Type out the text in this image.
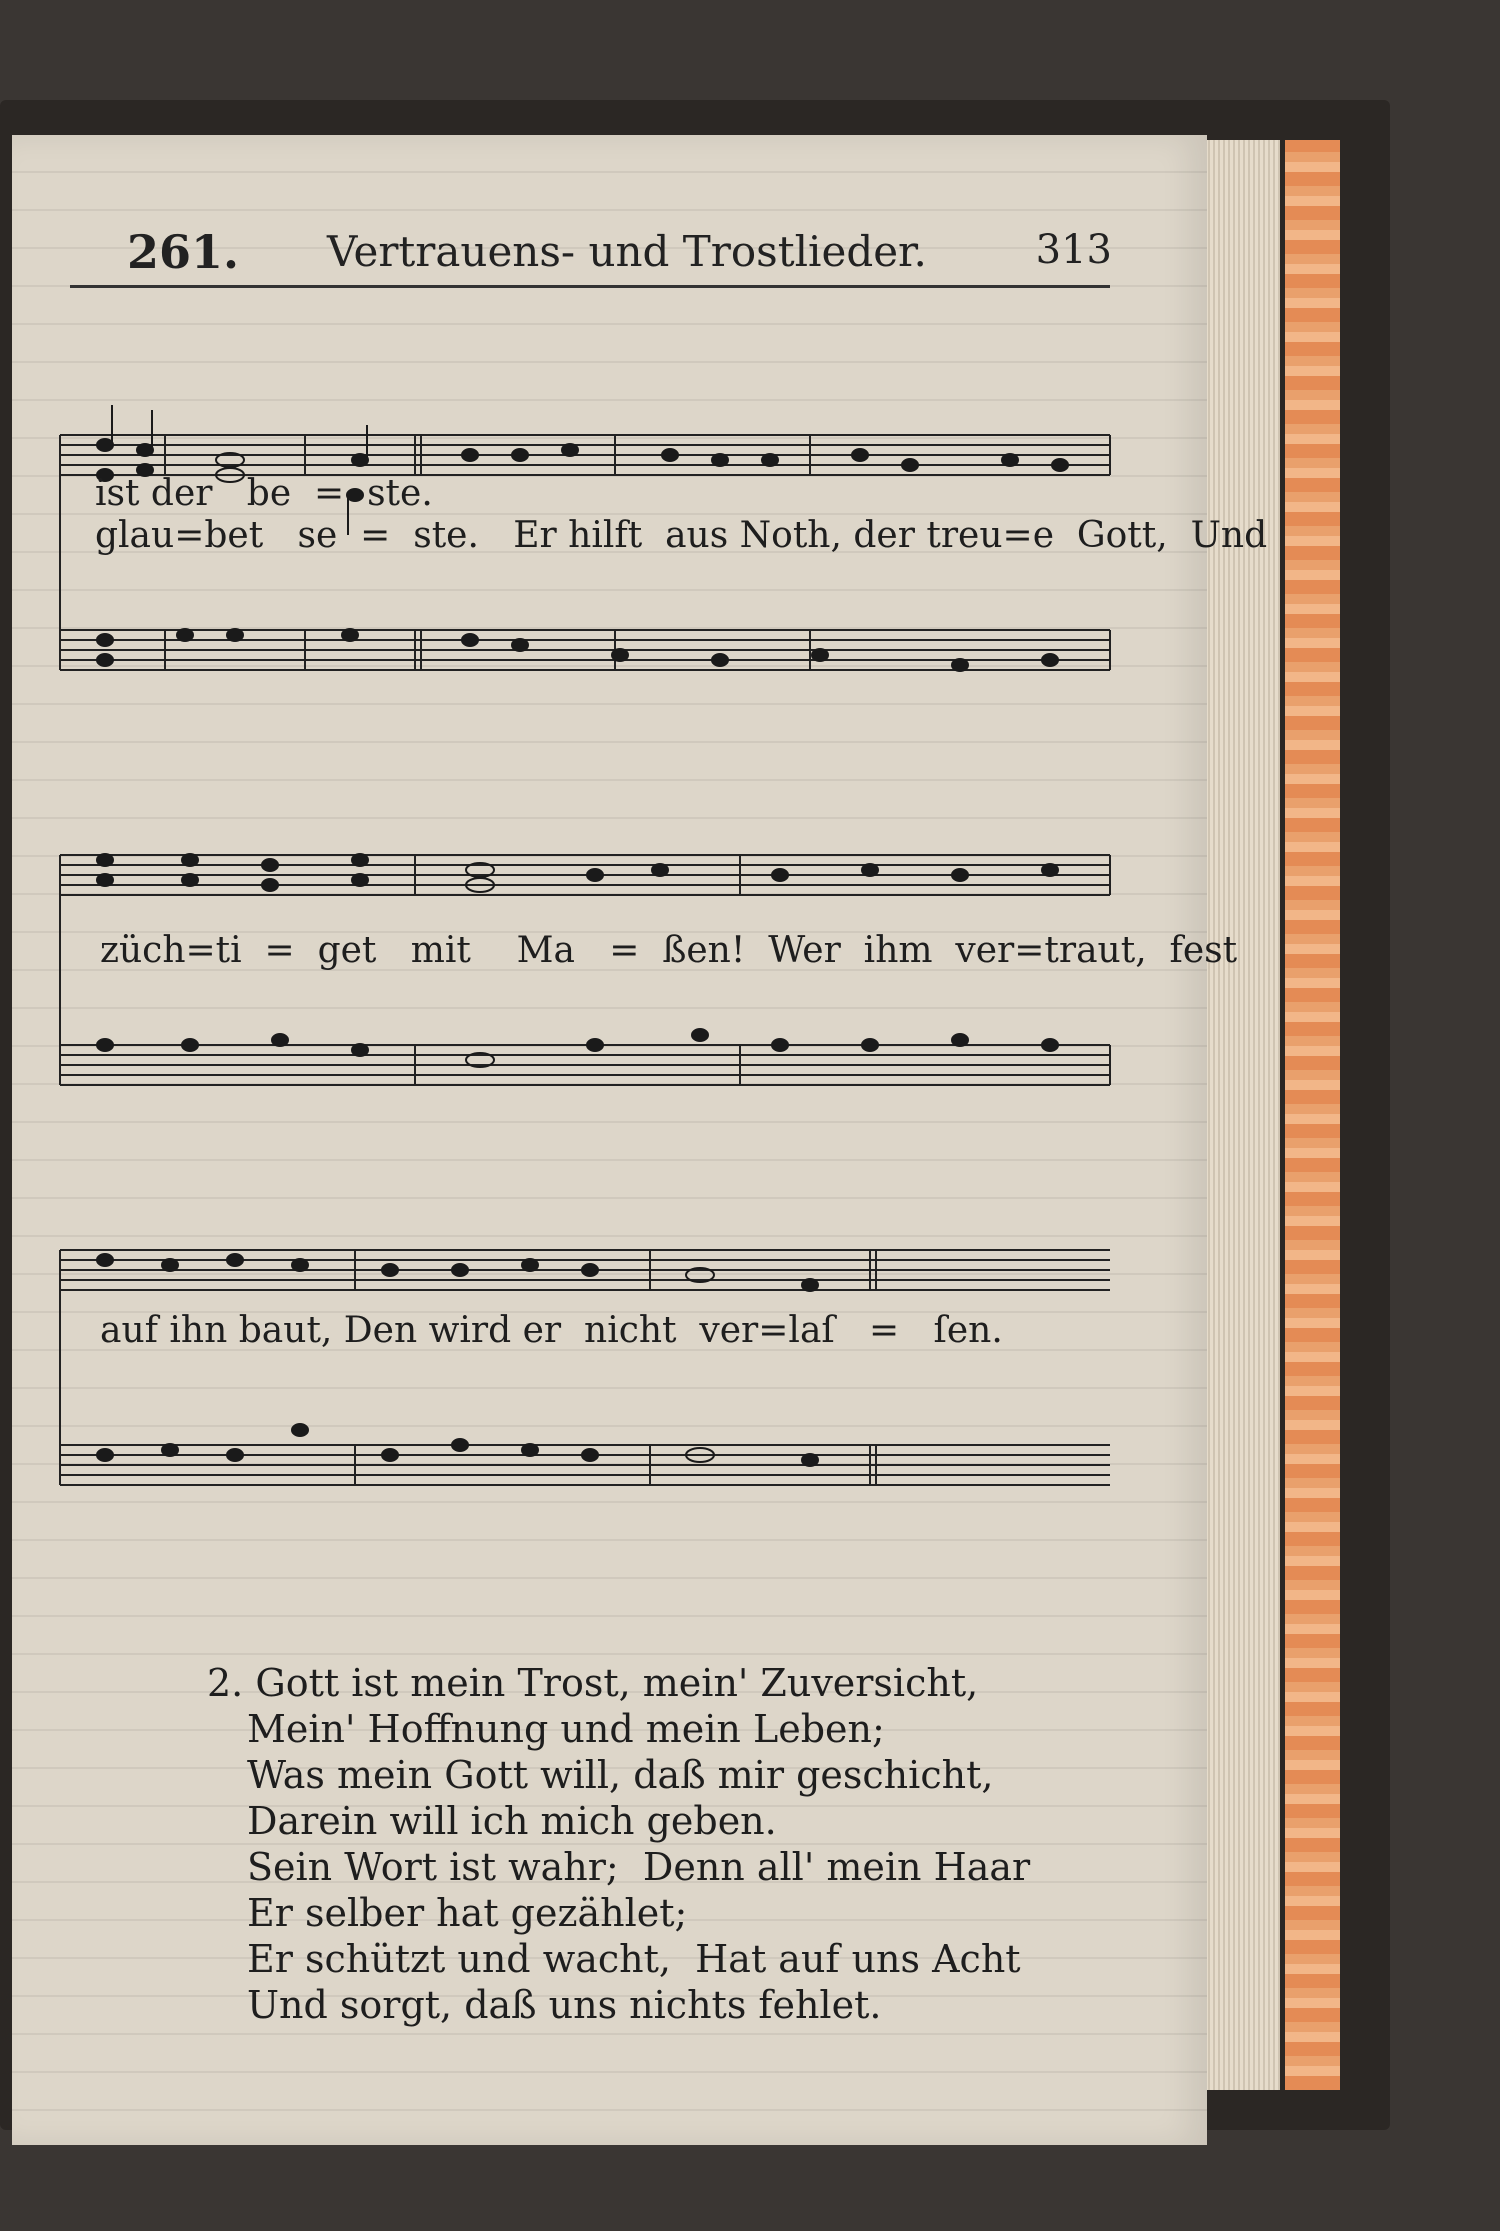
261. Vertrauens- und Trostlieder.	313
ist der   be  =  ste.
glau=bet   se  =  ste.   Er hilft  aus Noth, der treu=e  Gott,  Und
züch=ti  =  get   mit    Ma   =  ßen!  Wer  ihm  ver=traut,  fest
auf ihn baut, Den wird er  nicht  ver=laſ   =   ſen.
2. Gott ist mein Trost, mein' Zuversicht,
Mein' Hoffnung und mein Leben;
Was mein Gott will, daß mir geschicht,
Darein will ich mich geben.
Sein Wort ist wahr;  Denn all' mein Haar
Er selber hat gezählet;
Er schützt und wacht,  Hat auf uns Acht
Und sorgt, daß uns nichts fehlet.
